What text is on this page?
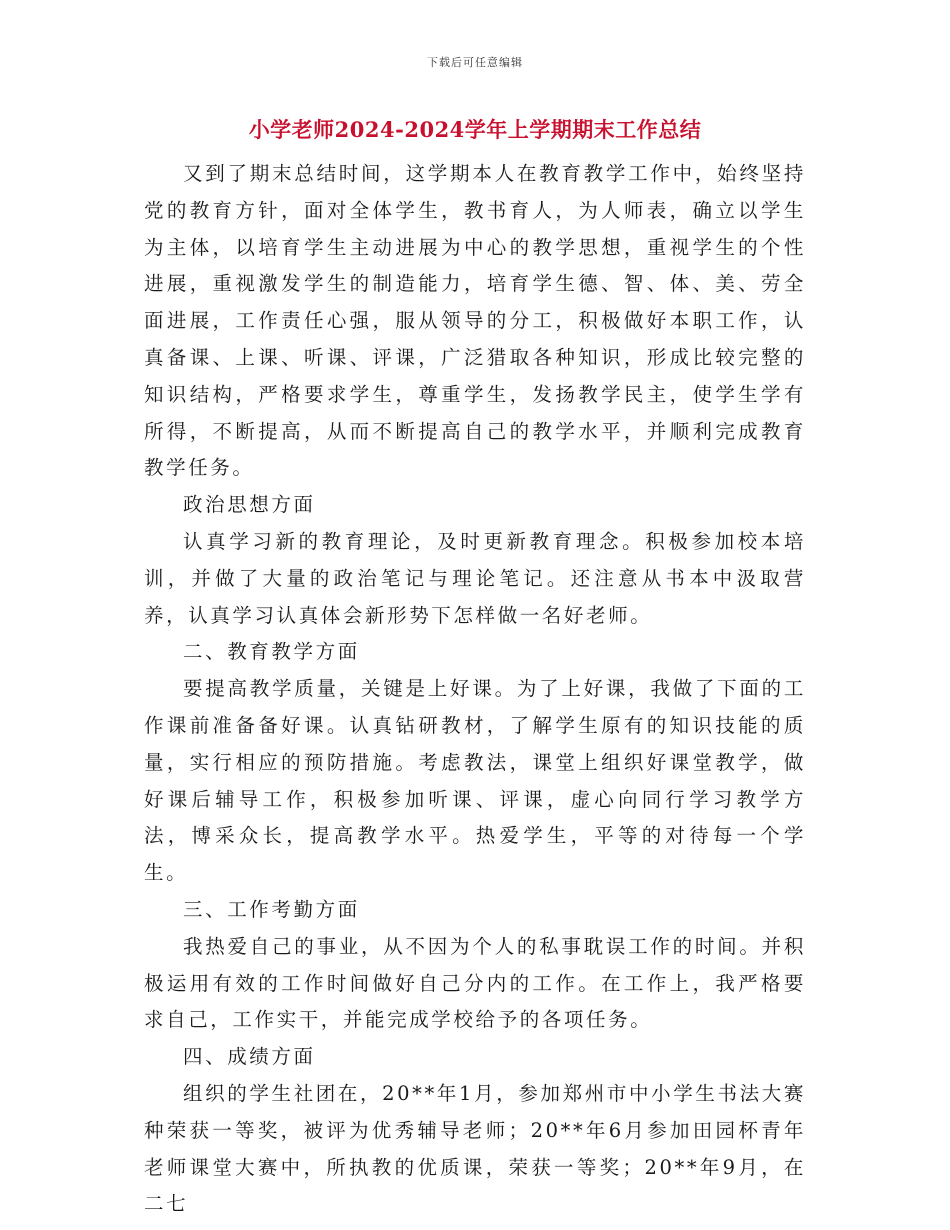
下载后可任意编辑
小学老师2024-2024学年上学期期末工作总结

又到了期末总结时间，这学期本人在教育教学工作中，始终坚持党的教育方针，面对全体学生，教书育人，为人师表，确立以学生为主体，以培育学生主动进展为中心的教学思想，重视学生的个性进展，重视激发学生的制造能力，培育学生德、智、体、美、劳全面进展，工作责任心强，服从领导的分工，积极做好本职工作，认真备课、上课、听课、评课，广泛猎取各种知识，形成比较完整的知识结构，严格要求学生，尊重学生，发扬教学民主，使学生学有所得，不断提高，从而不断提高自己的教学水平，并顺利完成教育教学任务。

政治思想方面

认真学习新的教育理论，及时更新教育理念。积极参加校本培训，并做了大量的政治笔记与理论笔记。还注意从书本中汲取营养，认真学习认真体会新形势下怎样做一名好老师。

二、教育教学方面

要提高教学质量，关键是上好课。为了上好课，我做了下面的工作课前准备备好课。认真钻研教材，了解学生原有的知识技能的质量，实行相应的预防措施。考虑教法，课堂上组织好课堂教学，做好课后辅导工作，积极参加听课、评课，虚心向同行学习教学方法，博采众长，提高教学水平。热爱学生，平等的对待每一个学生。

三、工作考勤方面

我热爱自己的事业，从不因为个人的私事耽误工作的时间。并积极运用有效的工作时间做好自己分内的工作。在工作上，我严格要求自己，工作实干，并能完成学校给予的各项任务。

四、成绩方面

组织的学生社团在，20**年1月，参加郑州市中小学生书法大赛种荣获一等奖，被评为优秀辅导老师；20**年6月参加田园杯青年老师课堂大赛中，所执教的优质课，荣获一等奖；20**年9月，在二七
